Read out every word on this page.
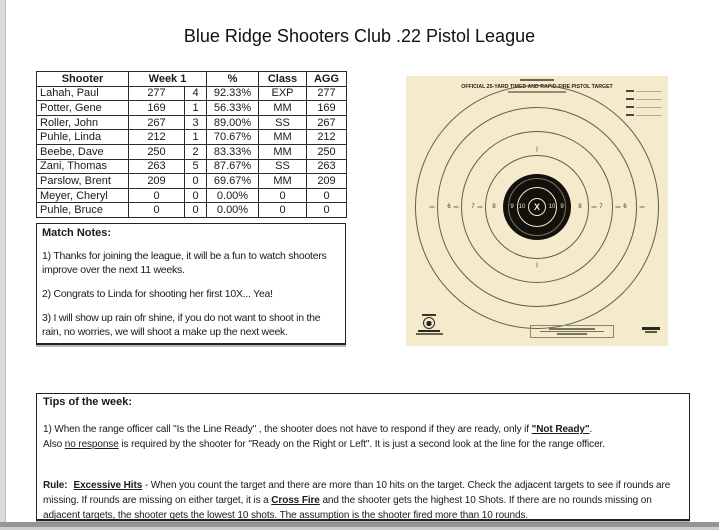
Blue Ridge Shooters Club .22 Pistol League
Shooter	Week 1		%	Class	AGG
Lahah, Paul	277	4	92.33%	EXP	277
Potter, Gene	169	1	56.33%	MM	169
Roller, John	267	3	89.00%	SS	267
Puhle, Linda	212	1	70.67%	MM	212
Beebe, Dave	250	2	83.33%	MM	250
Zani, Thomas	263	5	87.67%	SS	263
Parslow, Brent	209	0	69.67%	MM	209
Meyer, Cheryl	0	0	0.00%	0	0
Puhle, Bruce	0	0	0.00%	0	0
Match Notes:
1) Thanks for joining the league, it will be a fun to watch shooters improve over the next 11 weeks.
2) Congrats to Linda for shooting her first 10X... Yea!
3) I will show up rain ofr shine, if you do not want to shoot in the rain, no worries, we will shoot a make up the next week.
OFFICIAL 25-YARD TIMED AND RAPID-FIRE PISTOL TARGET
X
10	10
9	9
8	8
7	7
6	6
Tips of the week:
1) When the range officer call "Is the Line Ready" , the shooter does not have to respond if they are ready, only if "Not Ready".
Also no response is required by the shooter for "Ready on the Right or Left". It is just a second look at the line for the range officer.
Rule: Excessive Hits - When you count the target and there are more than 10 hits on the target. Check the adjacent targets to see if rounds are missing. If rounds are missing on either target, it is a Cross Fire and the shooter gets the highest 10 Shots. If there are no rounds missing on adjacent targets, the shooter gets the lowest 10 shots. The assumption is the shooter fired more than 10 rounds.
